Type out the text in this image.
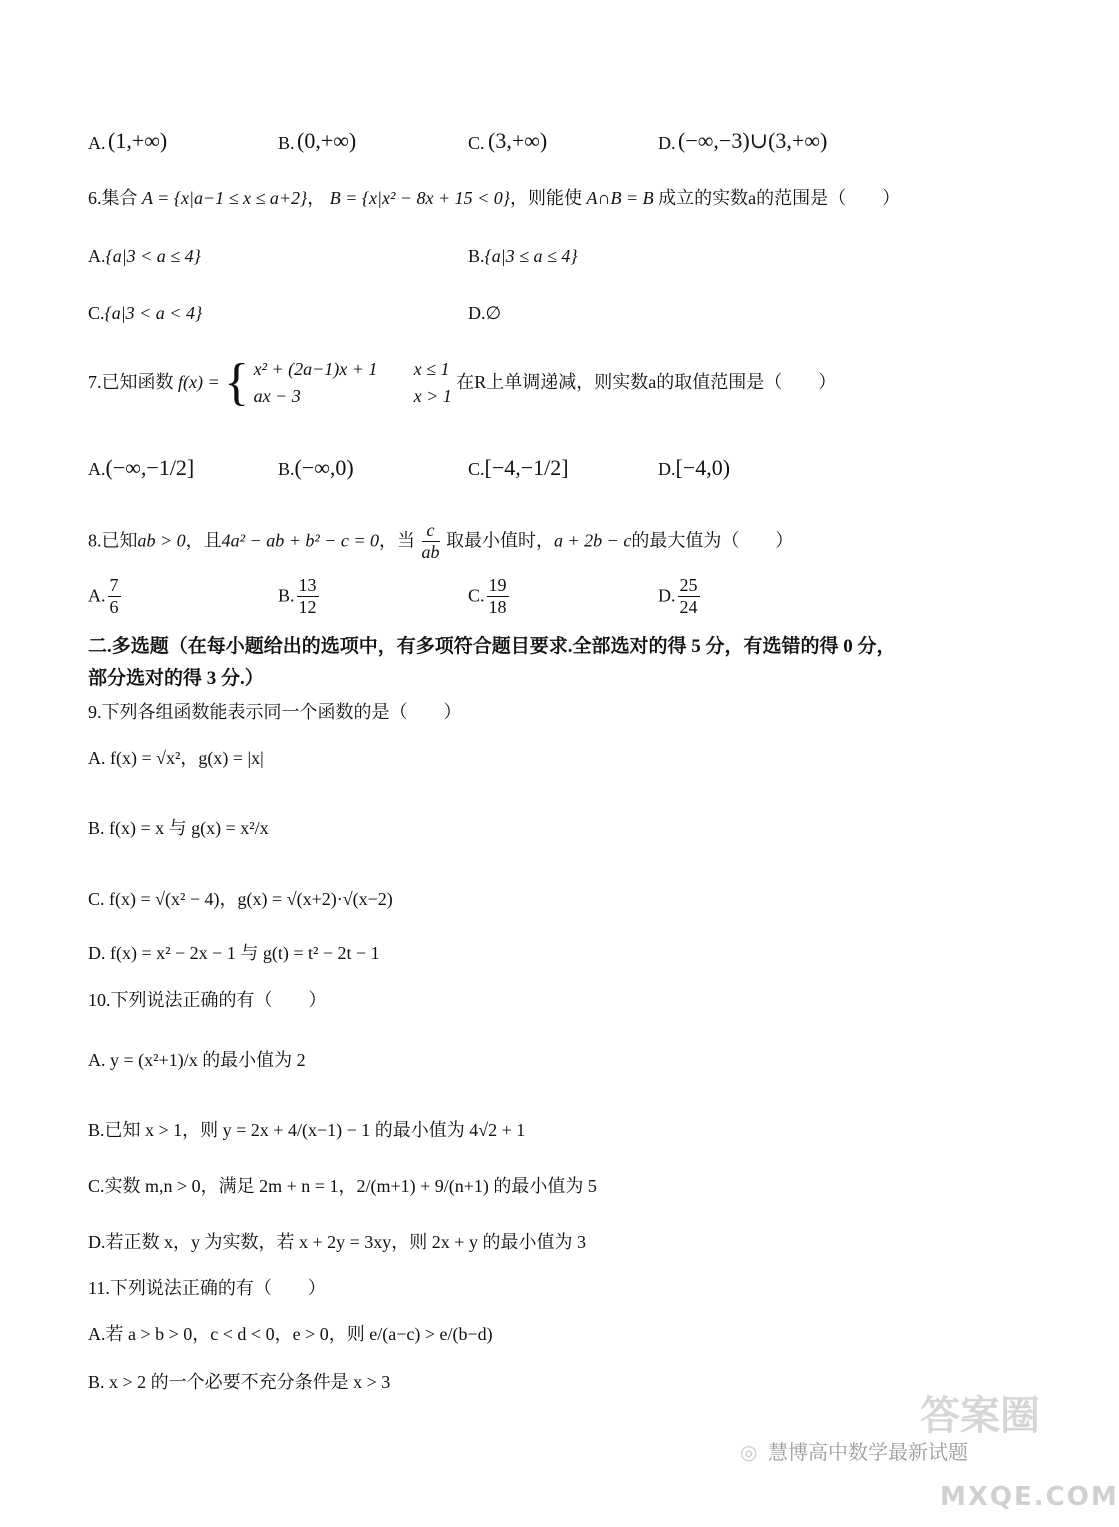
A. (1,+∞)	B. (0,+∞)	C. (3,+∞)	D. (−∞,−3)∪(3,+∞)
6.集合 A = {x|a−1 ≤ x ≤ a+2}， B = {x|x² − 8x + 15 < 0}，则能使 A∩B = B 成立的实数a的范围是（　　）
A.{a|3 < a ≤ 4}	B.{a|3 ≤ a ≤ 4}
C.{a|3 < a < 4}	D.∅
7.已知函数 f(x) = { x² + (2a−1)x + 1 x ≤ 1
ax − 3	x > 1
在R上单调递减，则实数a的取值范围是（　　）
A.(−∞,−1/2]	B.(−∞,0)	C.[−4,−1/2]	D.[−4,0)
8.已知ab > 0，且4a² − ab + b² − c = 0，当 $\frac{c}{ab}$ 取最小值时，a + 2b − c的最大值为（　　）
A. $\frac{7}{6}$	B. $\frac{13}{12}$	C. $\frac{19}{18}$	D. $\frac{25}{24}$
二.多选题（在每小题给出的选项中，有多项符合题目要求.全部选对的得 5 分，有选错的得 0 分，
部分选对的得 3 分.）
9.下列各组函数能表示同一个函数的是（　　）
A. f(x) = √x²，g(x) = |x|
B. f(x) = x 与 g(x) = x²/x
C. f(x) = √(x² − 4)，g(x) = √(x+2)·√(x−2)
D. f(x) = x² − 2x − 1 与 g(t) = t² − 2t − 1
10.下列说法正确的有（　　）
A. y = (x²+1)/x 的最小值为 2
B.已知 x > 1，则 y = 2x + 4/(x−1) − 1 的最小值为 4√2 + 1
C.实数 m,n > 0，满足 2m + n = 1，2/(m+1) + 9/(n+1) 的最小值为 5
D.若正数 x，y 为实数，若 x + 2y = 3xy，则 2x + y 的最小值为 3
11.下列说法正确的有（　　）
A.若 a > b > 0，c < d < 0，e > 0，则 e/(a−c) > e/(b−d)
B. x > 2 的一个必要不充分条件是 x > 3
◎ 慧博高中数学最新试题
答案圈
MXQE.COM
